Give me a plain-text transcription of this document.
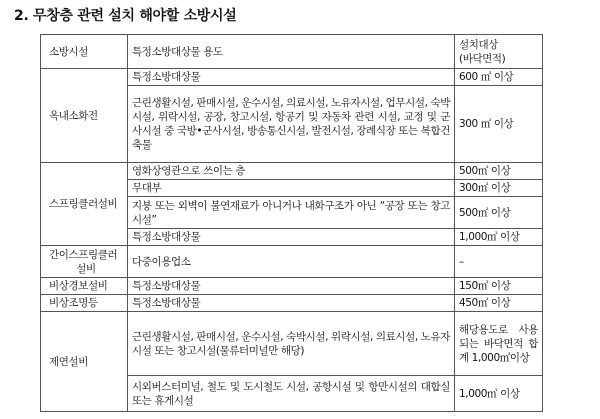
2. 무창층 관련 설치 해야할 소방시설
소방시설	특정소방대상물 용도	설치대상
(바닥면적)

옥내소화전	특정소방대상물	600 ㎡ 이상
	근린생활시설, 판매시설, 운수시설, 의료시설, 노유자시설, 업무시설, 숙박시설, 위락시설, 공장, 창고시설, 항공기 및 자동차 관련 시설, 교정 및 군사시설 중 국방•군사시설, 방송통신시설, 발전시설, 장례식장 또는 복합건축물	300 ㎡ 이상
스프링클러설비	영화상영관으로 쓰이는 층	500㎡ 이상
	무대부	300㎡ 이상
	지붕 또는 외벽이 불연재료가 아니거나 내화구조가 아닌 “공장 또는 창고시설”	500㎡ 이상
	특정소방대상물	1,000㎡ 이상

간이스프링클러
설비	다중이용업소	–
비상경보설비	특정소방대상물	150㎡ 이상
비상조명등	특정소방대상물	450㎡ 이상
제연설비	근린생활시설, 판매시설, 운수시설, 숙박시설, 위락시설, 의료시설, 노유자시설 또는 창고시설(물류터미널만 해당)	해당용도로 사용되는 바닥면적 합계 1,000㎡이상
	시외버스터미널, 철도 및 도시철도 시설, 공항시설 및 항만시설의 대합실 또는 휴게시설	1,000㎡ 이상
